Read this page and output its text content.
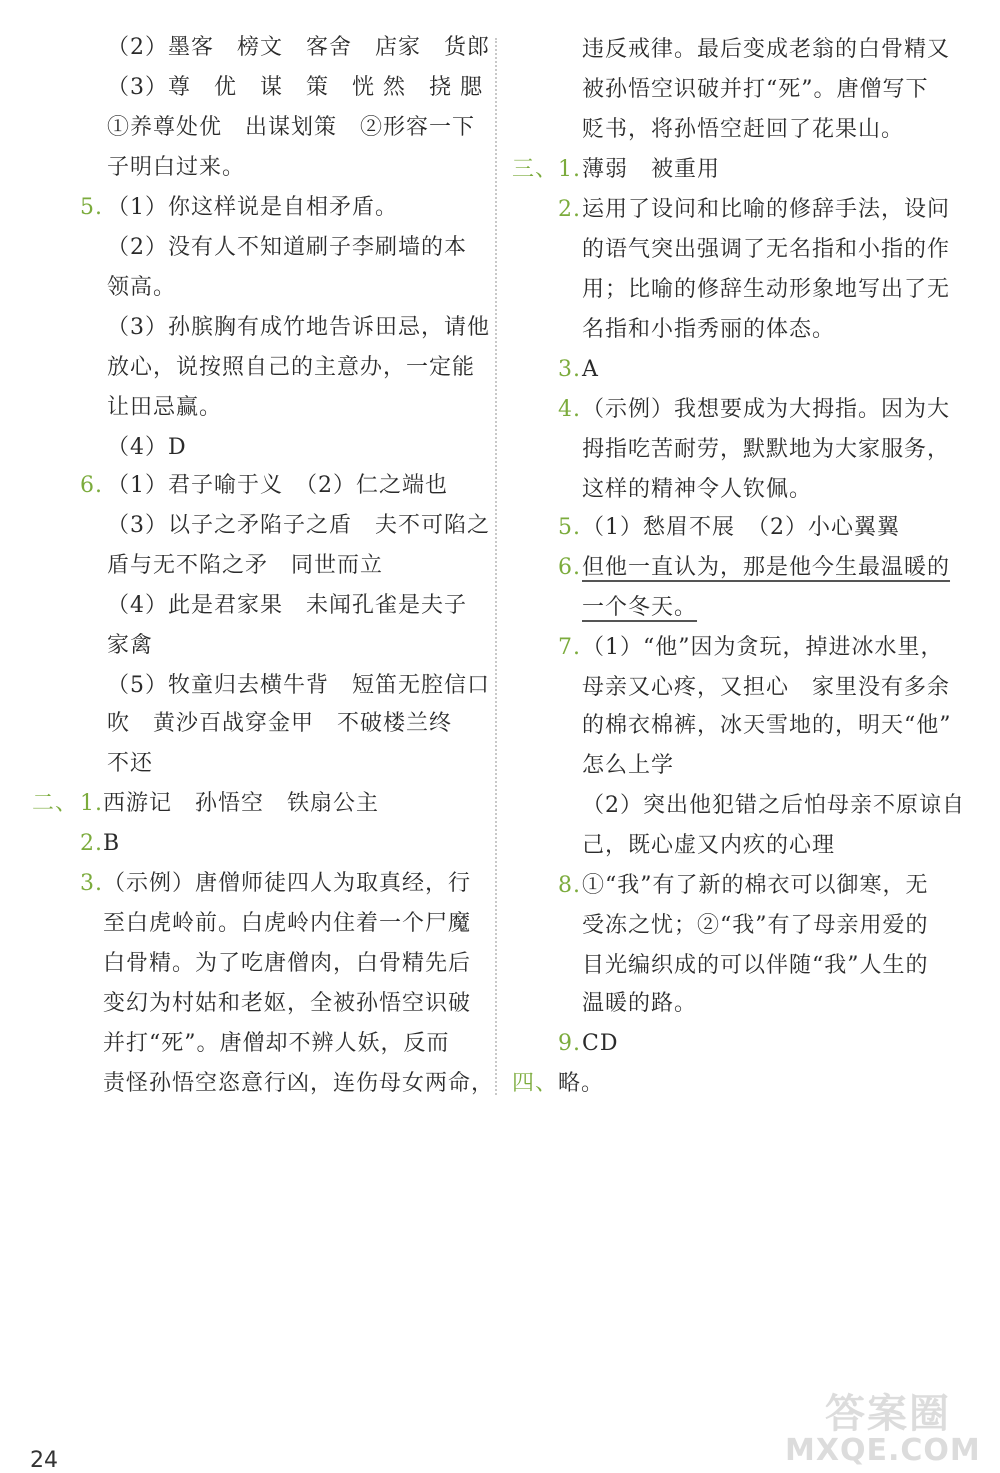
（2）墨客　榜文　客舍　店家　货郎
（3）尊　优　谋　策　恍 然　挠 腮
①养尊处优　出谋划策　②形容一下
子明白过来。
5. （1）你这样说是自相矛盾。
（2）没有人不知道刷子李刷墙的本
领高。
（3）孙膑胸有成竹地告诉田忌，请他
放心，说按照自己的主意办，一定能
让田忌赢。
（4）D
6. （1）君子喻于义　（2）仁之端也
（3）以子之矛陷子之盾　夫不可陷之
盾与无不陷之矛　同世而立
（4）此是君家果　未闻孔雀是夫子
家禽
（5）牧童归去横牛背　短笛无腔信口
吹　黄沙百战穿金甲　不破楼兰终
不还
二、 1. 西游记　孙悟空　铁扇公主
2. B
3. （示例）唐僧师徒四人为取真经，行
至白虎岭前。白虎岭内住着一个尸魔
白骨精。为了吃唐僧肉，白骨精先后
变幻为村姑和老妪，全被孙悟空识破
并打“死”。唐僧却不辨人妖，反而
责怪孙悟空恣意行凶，连伤母女两命，
违反戒律。最后变成老翁的白骨精又
被孙悟空识破并打“死”。唐僧写下
贬书，将孙悟空赶回了花果山。
三、 1. 薄弱　被重用
2. 运用了设问和比喻的修辞手法，设问
的语气突出强调了无名指和小指的作
用；比喻的修辞生动形象地写出了无
名指和小指秀丽的体态。
3. A
4. （示例）我想要成为大拇指。因为大
拇指吃苦耐劳，默默地为大家服务，
这样的精神令人钦佩。
5. （1）愁眉不展　（2）小心翼翼
6. 但他一直认为，那是他今生最温暖的
一个冬天。
7. （1）“他”因为贪玩，掉进冰水里，
母亲又心疼，又担心　家里没有多余
的棉衣棉裤，冰天雪地的，明天“他”
怎么上学
（2）突出他犯错之后怕母亲不原谅自
己，既心虚又内疚的心理
8. ①“我”有了新的棉衣可以御寒，无
受冻之忧；②“我”有了母亲用爱的
目光编织成的可以伴随“我”人生的
温暖的路。
9. CD
四、 略。
答案圈
MXQE.COM
24
